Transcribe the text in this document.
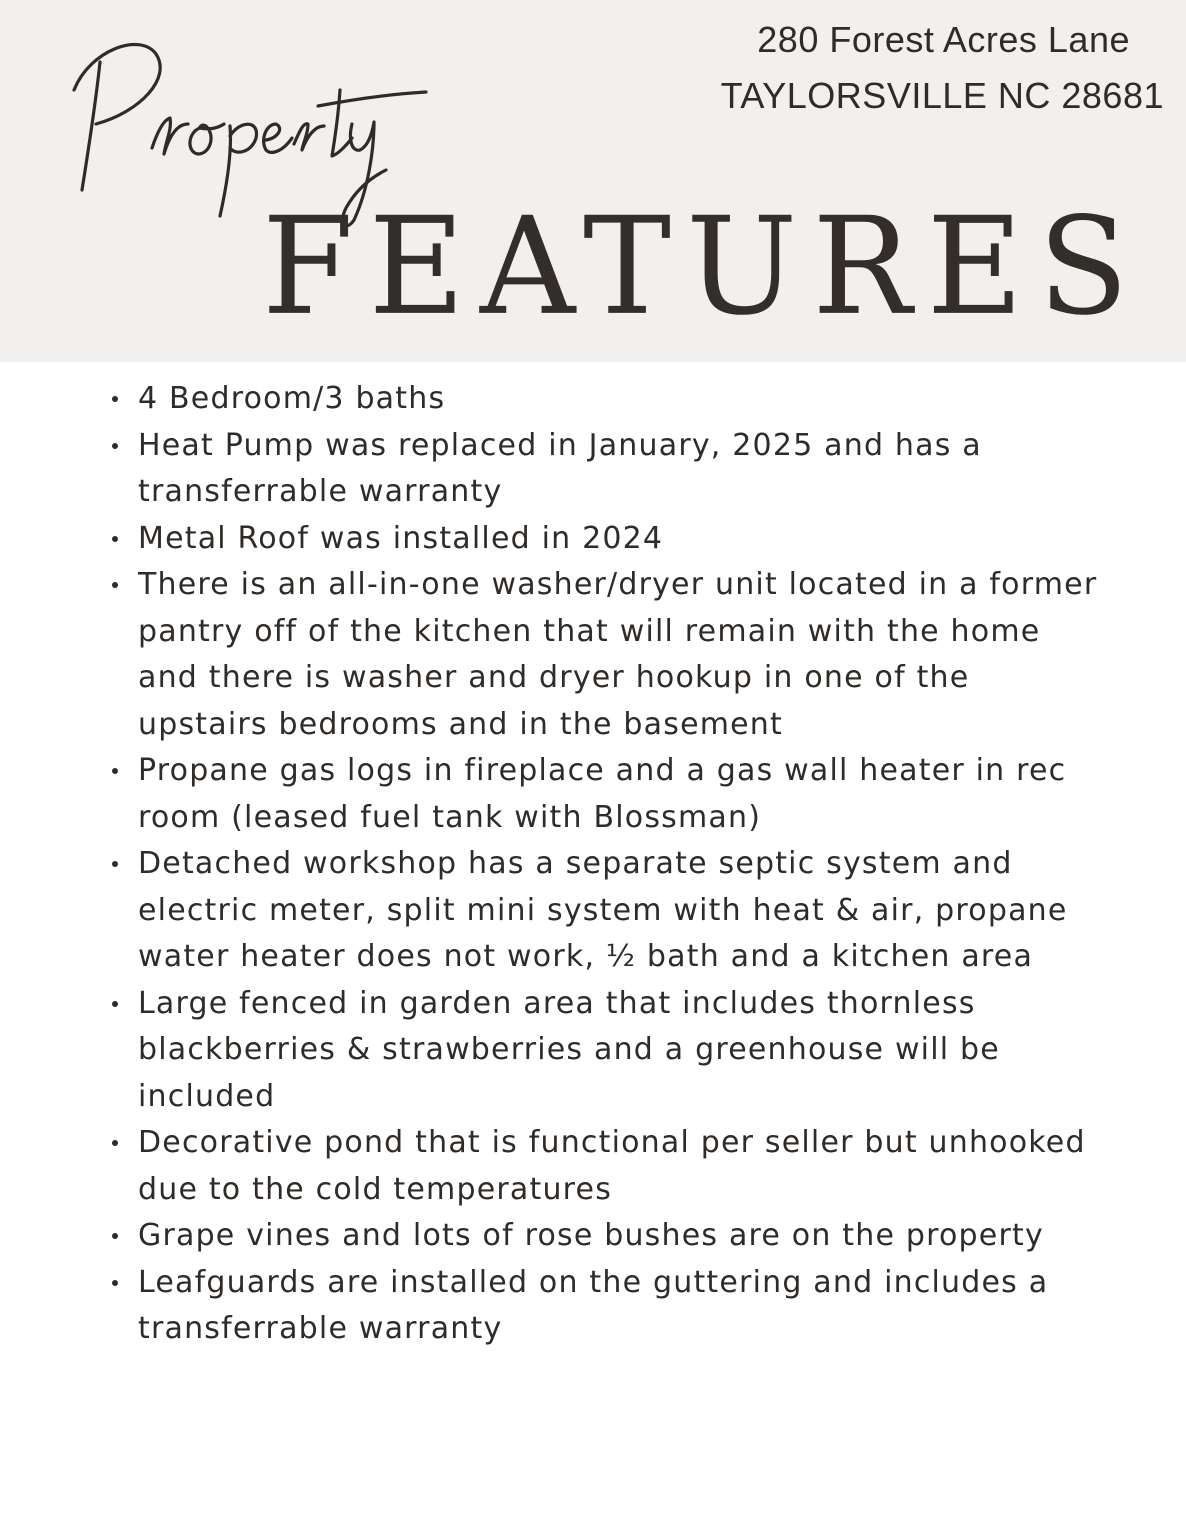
280 Forest Acres Lane
TAYLORSVILLE NC 28681
FEATURES
4 Bedroom/3 baths
Heat Pump was replaced in January, 2025 and has a transferrable warranty
Metal Roof was installed in 2024
There is an all-in-one washer/dryer unit located in a former pantry off of the kitchen that will remain with the home and there is washer and dryer hookup in one of the upstairs bedrooms and in the basement
Propane gas logs in fireplace and a gas wall heater in rec room (leased fuel tank with Blossman)
Detached workshop has a separate septic system and electric meter, split mini system with heat & air, propane water heater does not work, ½ bath and a kitchen area
Large fenced in garden area that includes thornless blackberries & strawberries and a greenhouse will be included
Decorative pond that is functional per seller but unhooked due to the cold temperatures
Grape vines and lots of rose bushes are on the property
Leafguards are installed on the guttering and includes a transferrable warranty
